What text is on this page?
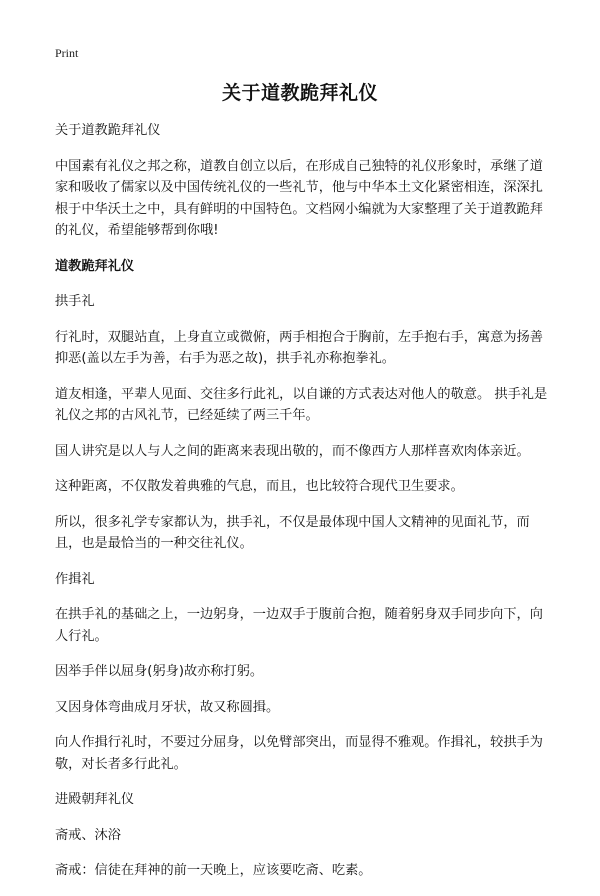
Print
关于道教跪拜礼仪

关于道教跪拜礼仪

中国素有礼仪之邦之称，道教自创立以后，在形成自己独特的礼仪形象时，承继了道家和吸收了儒家以及中国传统礼仪的一些礼节，他与中华本土文化紧密相连，深深扎根于中华沃土之中，具有鲜明的中国特色。文档网小编就为大家整理了关于道教跪拜的礼仪，希望能够帮到你哦!

道教跪拜礼仪

拱手礼

行礼时，双腿站直，上身直立或微俯，两手相抱合于胸前，左手抱右手，寓意为扬善抑恶(盖以左手为善，右手为恶之故)，拱手礼亦称抱拳礼。

道友相逢，平辈人见面、交往多行此礼，以自谦的方式表达对他人的敬意。 拱手礼是礼仪之邦的古风礼节，已经延续了两三千年。

国人讲究是以人与人之间的距离来表现出敬的，而不像西方人那样喜欢肉体亲近。

这种距离，不仅散发着典雅的气息，而且，也比较符合现代卫生要求。

所以，很多礼学专家都认为，拱手礼，不仅是最体现中国人文精神的见面礼节，而且，也是最恰当的一种交往礼仪。

作揖礼

在拱手礼的基础之上，一边躬身，一边双手于腹前合抱，随着躬身双手同步向下，向人行礼。

因举手伴以屈身(躬身)故亦称打躬。

又因身体弯曲成月牙状，故又称圆揖。

向人作揖行礼时，不要过分屈身，以免臂部突出，而显得不雅观。作揖礼，较拱手为敬，对长者多行此礼。

进殿朝拜礼仪

斋戒、沐浴

斋戒：信徒在拜神的前一天晚上，应该要吃斋、吃素。
